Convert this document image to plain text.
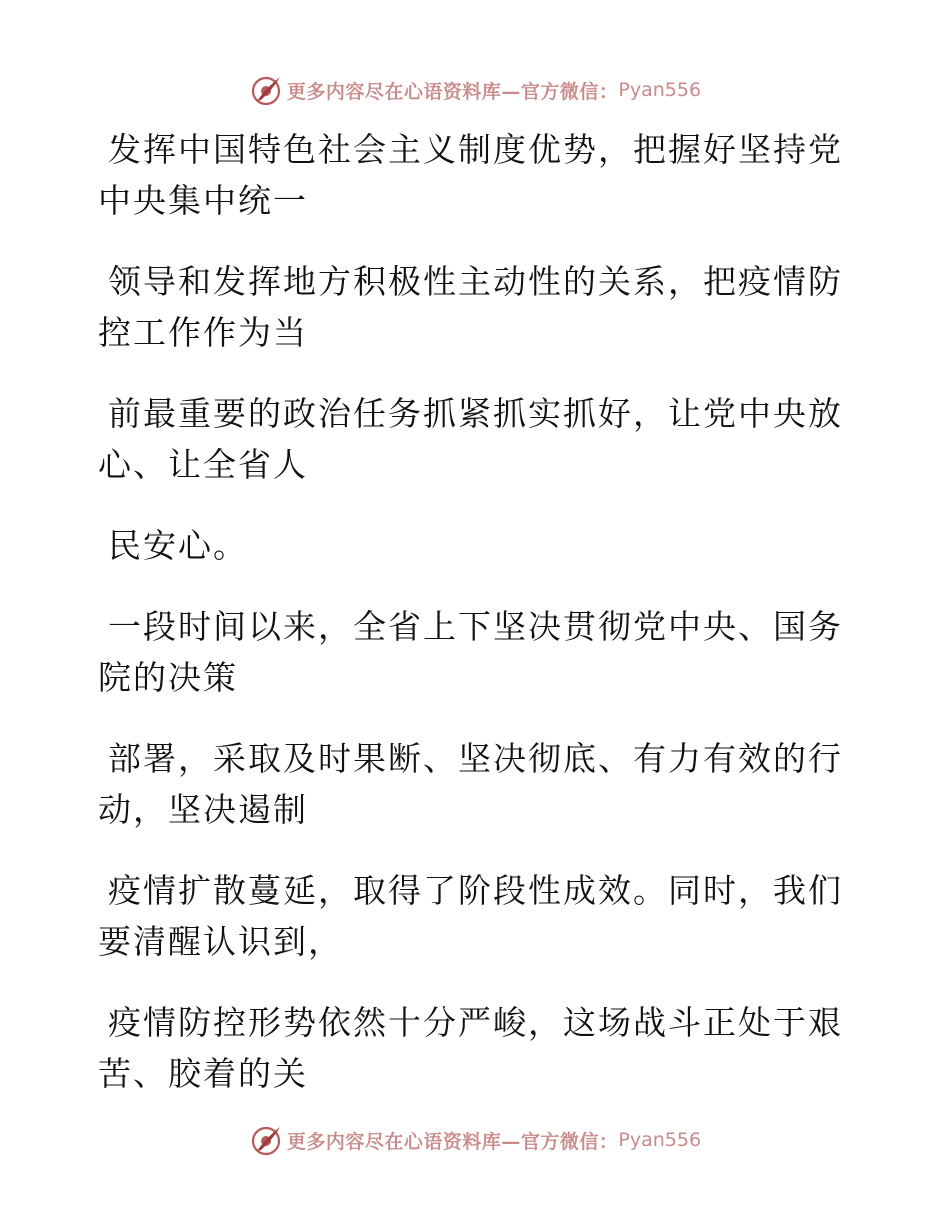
更多内容尽在心语资料库—官方微信： Pyan556

发挥中国特色社会主义制度优势，把握好坚持党
中央集中统一

领导和发挥地方积极性主动性的关系，把疫情防
控工作作为当

前最重要的政治任务抓紧抓实抓好，让党中央放
心、让全省人

民安心。

一段时间以来，全省上下坚决贯彻党中央、国务
院的决策

部署，采取及时果断、坚决彻底、有力有效的行
动，坚决遏制

疫情扩散蔓延，取得了阶段性成效。同时，我们
要清醒认识到，

疫情防控形势依然十分严峻，这场战斗正处于艰
苦、胶着的关

更多内容尽在心语资料库—官方微信： Pyan556
